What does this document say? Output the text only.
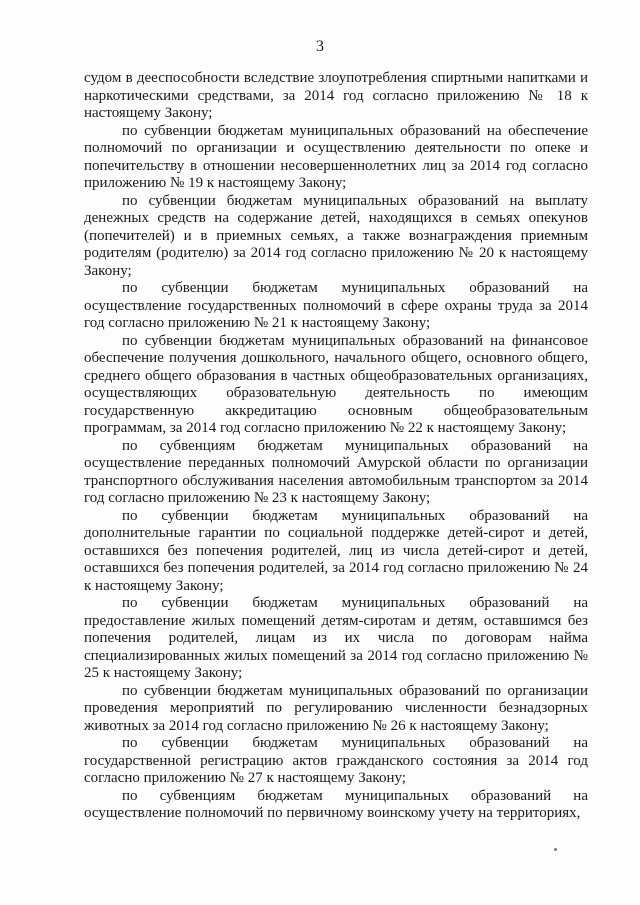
3

судом в дееспособности вследствие злоупотребления спиртными напитками и наркотическими средствами, за 2014 год согласно приложению № 18 к настоящему Закону;

по субвенции бюджетам муниципальных образований на обеспечение полномочий по организации и осуществлению деятельности по опеке и попечительству в отношении несовершеннолетних лиц за 2014 год согласно приложению № 19 к настоящему Закону;

по субвенции бюджетам муниципальных образований на выплату денежных средств на содержание детей, находящихся в семьях опекунов (попечителей) и в приемных семьях, а также вознаграждения приемным родителям (родителю) за 2014 год согласно приложению № 20 к настоящему Закону;

по субвенции бюджетам муниципальных образований на осуществление государственных полномочий в сфере охраны труда за 2014 год согласно приложению № 21 к настоящему Закону;

по субвенции бюджетам муниципальных образований на финансовое обеспечение получения дошкольного, начального общего, основного общего, среднего общего образования в частных общеобразовательных организациях, осуществляющих образовательную деятельность по имеющим государственную аккредитацию основным общеобразовательным программам, за 2014 год согласно приложению № 22 к настоящему Закону;

по субвенциям бюджетам муниципальных образований на осуществление переданных полномочий Амурской области по организации транспортного обслуживания населения автомобильным транспортом за 2014 год согласно приложению № 23 к настоящему Закону;

по субвенции бюджетам муниципальных образований на дополнительные гарантии по социальной поддержке детей-сирот и детей, оставшихся без попечения родителей, лиц из числа детей-сирот и детей, оставшихся без попечения родителей, за 2014 год согласно приложению № 24 к настоящему Закону;

по субвенции бюджетам муниципальных образований на предоставление жилых помещений детям-сиротам и детям, оставшимся без попечения родителей, лицам из их числа по договорам найма специализированных жилых помещений за 2014 год согласно приложению № 25 к настоящему Закону;

по субвенции бюджетам муниципальных образований по организации проведения мероприятий по регулированию численности безнадзорных животных за 2014 год согласно приложению № 26 к настоящему Закону;

по субвенции бюджетам муниципальных образований на государственной регистрацию актов гражданского состояния за 2014 год согласно приложению № 27 к настоящему Закону;

по субвенциям бюджетам муниципальных образований на осуществление полномочий по первичному воинскому учету на территориях,
